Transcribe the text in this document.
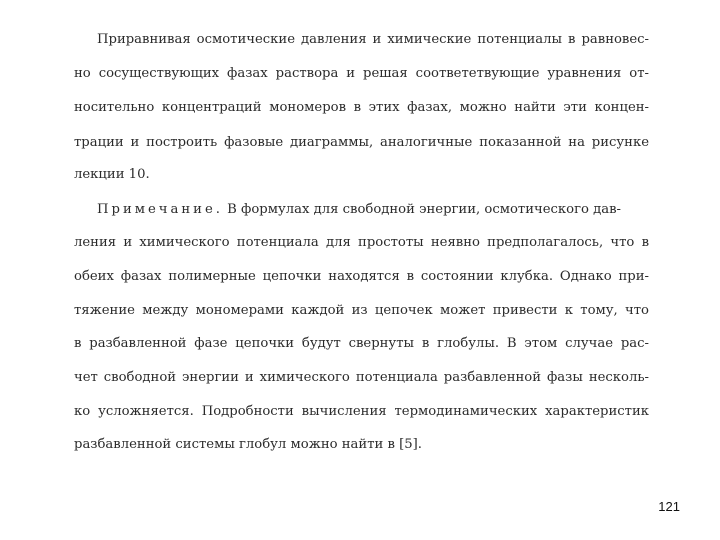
Приравнивая осмотические давления и химические потенциалы в равновес-
но сосуществующих фазах раствора и решая соответетвующие уравнения от-
носительно концентраций мономеров в этих фазах, можно найти эти концен-
трации и построить фазовые диаграммы, аналогичные показанной на рисунке
лекции 10.
Примечание. В формулах для свободной энергии, осмотического дав-
ления и химического потенциала для простоты неявно предполагалось, что в
обеих фазах полимерные цепочки находятся в состоянии клубка. Однако при-
тяжение между мономерами каждой из цепочек может привести к тому, что
в разбавленной фазе цепочки будут свернуты в глобулы. В этом случае рас-
чет свободной энергии и химического потенциала разбавленной фазы несколь-
ко усложняется. Подробности вычисления термодинамических характеристик
разбавленной системы глобул можно найти в [5].
121
